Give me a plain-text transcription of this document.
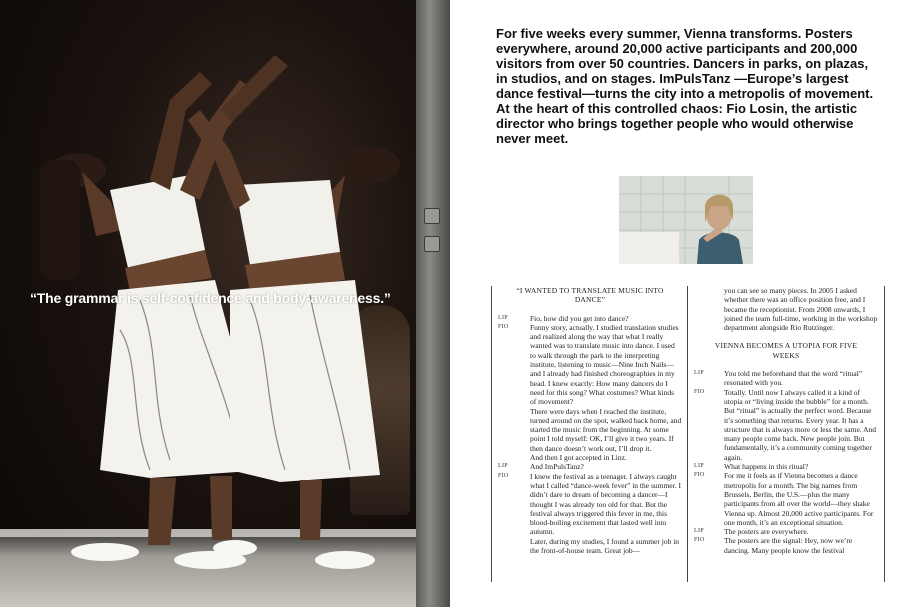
“The grammar is self-confidence and body-awareness.”

For five weeks every summer, Vienna transforms. Posters everywhere, around 20,000 active participants and 200,000 visitors from over 50 countries. Dancers in parks, on plazas, in studios, and on stages. ImPulsTanz —Europe’s largest dance festival—turns the city into a metropolis of movement.

At the heart of this controlled chaos: Fio Losin, the artistic director who brings together people who would otherwise never meet.

“I WANTED TO TRANSLATE MUSIC INTO DANCE”
LIP	Fio, how did you get into dance?
FIO	Funny story, actually. I studied translation studies and realized along the way that what I really wanted was to translate music into dance. I used to walk through the park to the interpreting institute, listening to music—Nine Inch Nails—and I already had finished choreographies in my head. I knew exactly: How many dancers do I need for this song? What costumes? What kinds of movement?
There were days when I reached the institute, turned around on the spot, walked back home, and started the music from the beginning. At some point I told myself: OK, I’ll give it two years. If then dance doesn’t work out, I’ll drop it.
And then I got accepted in Linz.
LIP	And ImPulsTanz?
FIO	I knew the festival as a teenager. I always caught what I called “dance-week fever” in the summer. I didn’t dare to dream of becoming a dancer—I thought I was already too old for that. But the festival always triggered this fever in me, this blood-boiling excitement that lasted well into autumn.
Later, during my studies, I found a summer job in the front-of-house team. Great job—
you can see so many pieces. In 2005 I asked whether there was an office position free, and I became the receptionist. From 2008 onwards, I joined the team full-time, working in the workshop department alongside Rio Rutzinger.
VIENNA BECOMES A UTOPIA FOR FIVE WEEKS
LIP	You told me beforehand that the word “ritual” resonated with you.
FIO	Totally. Until now I always called it a kind of utopia or “living inside the bubble” for a month. But “ritual” is actually the perfect word. Because it’s something that returns. Every year. It has a structure that is always more or less the same. And many people come back. New people join. But fundamentally, it’s a community coming together again.
LIP	What happens in this ritual?
FIO	For me it feels as if Vienna becomes a dance metropolis for a month. The big names from Brussels, Berlin, the U.S.—plus the many participants from all over the world—they shake Vienna up. Almost 20,000 active participants. For one month, it’s an exceptional situation.
LIP	The posters are everywhere.
FIO	The posters are the signal: Hey, now we’re dancing. Many people know the festival
